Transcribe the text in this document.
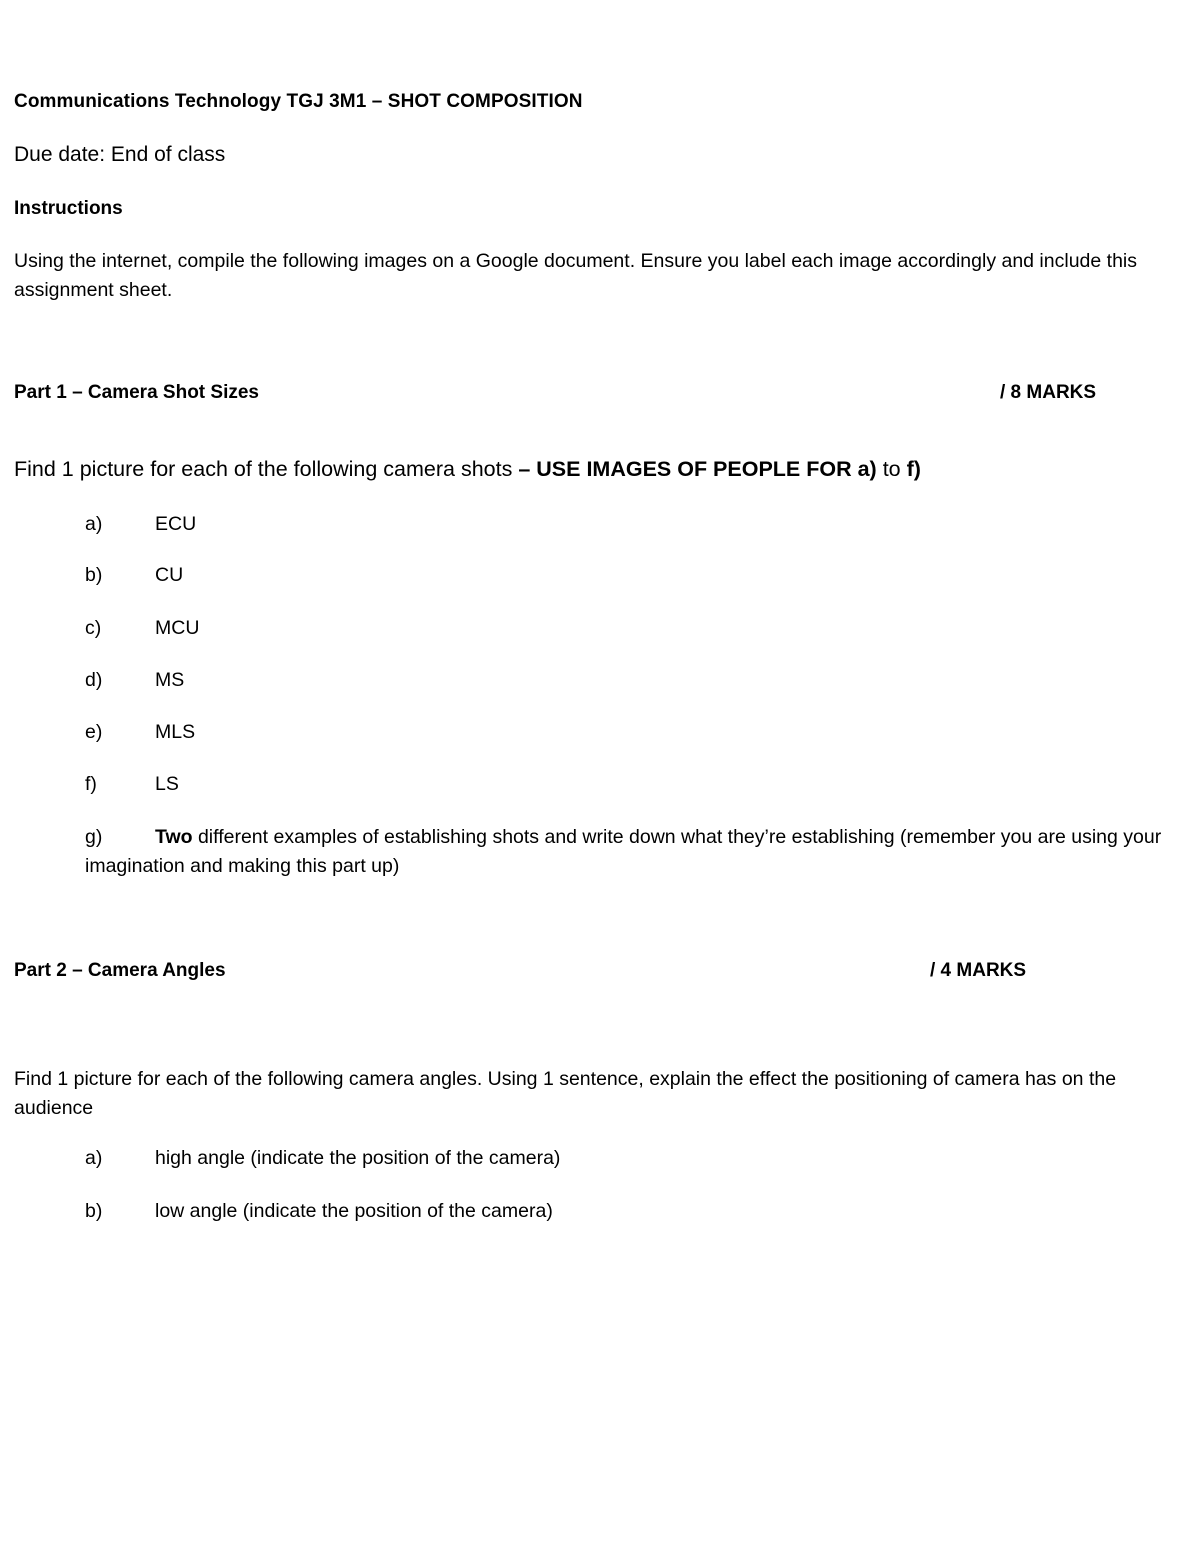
Communications Technology TGJ 3M1 – SHOT COMPOSITION
Due date: End of class
Instructions
Using the internet, compile the following images on a Google document. Ensure you label each image accordingly and include this assignment sheet.
Part 1 – Camera Shot Sizes	/ 8 MARKS
Find 1 picture for each of the following camera shots – USE IMAGES OF PEOPLE FOR a) to f)
a)	ECU
b)	CU
c)	MCU
d)	MS
e)	MLS
f)	LS
g)	Two different examples of establishing shots and write down what they’re establishing (remember you are using your imagination and making this part up)
Part 2 – Camera Angles	/ 4 MARKS
Find 1 picture for each of the following camera angles. Using 1 sentence, explain the effect the positioning of camera has on the audience
a)	high angle (indicate the position of the camera)
b)	low angle (indicate the position of the camera)
